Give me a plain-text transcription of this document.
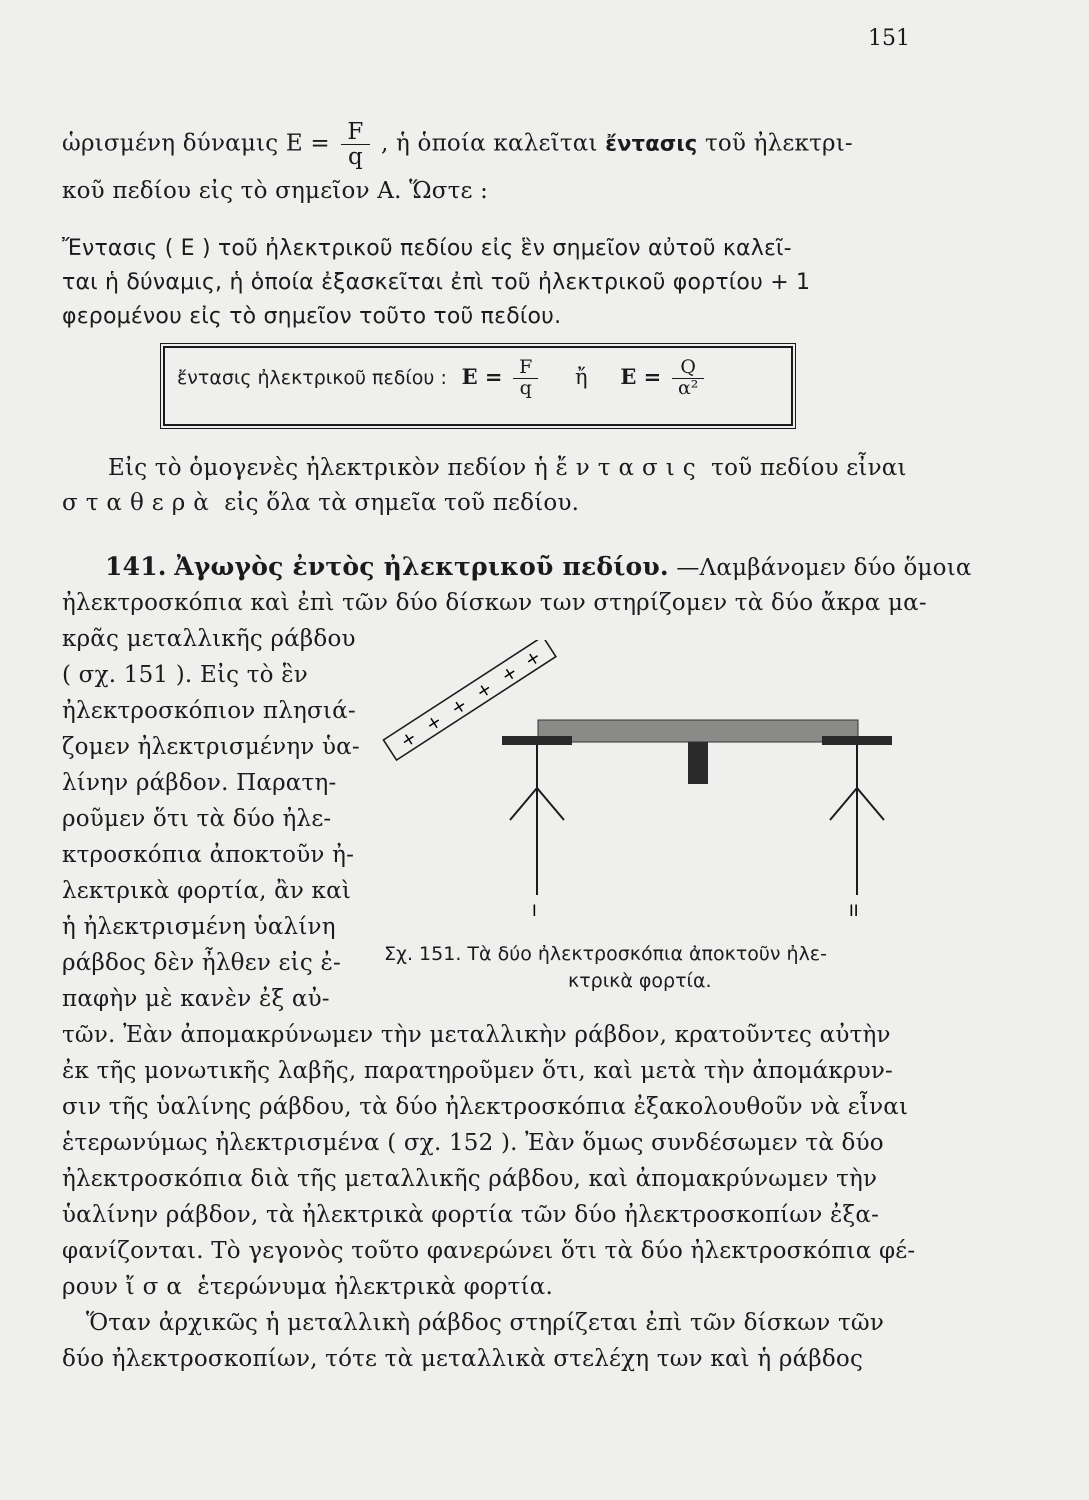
151
ὡρισμένη δύναμις $E = \frac{F}{q}$ , ἡ ὁποία καλεῖται ἔντασις τοῦ ἠλεκτρι-
κοῦ πεδίου εἰς τὸ σημεῖον A. Ὥστε :
Ἔντασις ( E ) τοῦ ἠλεκτρικοῦ πεδίου εἰς ἓν σημεῖον αὐτοῦ καλεῖ-
ται ἡ δύναμις, ἡ ὁποία ἐξασκεῖται ἐπὶ τοῦ ἠλεκτρικοῦ φορτίου + 1
φερομένου εἰς τὸ σημεῖον τοῦτο τοῦ πεδίου.
ἔντασις ἠλεκτρικοῦ πεδίου : $E = \frac{F}{q}$ ἤ $E = \frac{Q}{\text{α²}}$
Εἰς τὸ ὁμογενὲς ἠλεκτρικὸν πεδίον ἡ ἔντασις τοῦ πεδίου εἶναι
σταθερὰ εἰς ὅλα τὰ σημεῖα τοῦ πεδίου.
141. Ἀγωγὸς ἐντὸς ἠλεκτρικοῦ πεδίου. —Λαμβάνομεν δύο ὅμοια
ἠλεκτροσκόπια καὶ ἐπὶ τῶν δύο δίσκων των στηρίζομεν τὰ δύο ἄκρα μα-
κρᾶς μεταλλικῆς ράβδου
( σχ. 151 ). Εἰς τὸ ἓν
ἠλεκτροσκόπιον πλησιά-
ζομεν ἠλεκτρισμένην ὑα-
λίνην ράβδον. Παρατη-
ροῦμεν ὅτι τὰ δύο ἠλε-
κτροσκόπια ἀποκτοῦν ἠ-
λεκτρικὰ φορτία, ἂν καὶ
ἡ ἠλεκτρισμένη ὑαλίνη
ράβδος δὲν ἦλθεν εἰς ἐ-
παφὴν μὲ κανὲν ἐξ αὐ-
τῶν. Ἐὰν ἀπομακρύνωμεν τὴν μεταλλικὴν ράβδον, κρατοῦντες αὐτὴν
ἐκ τῆς μονωτικῆς λαβῆς, παρατηροῦμεν ὅτι, καὶ μετὰ τὴν ἀπομάκρυν-
σιν τῆς ὑαλίνης ράβδου, τὰ δύο ἠλεκτροσκόπια ἐξακολουθοῦν νὰ εἶναι
ἑτερωνύμως ἠλεκτρισμένα ( σχ. 152 ). Ἐὰν ὅμως συνδέσωμεν τὰ δύο
ἠλεκτροσκόπια διὰ τῆς μεταλλικῆς ράβδου, καὶ ἀπομακρύνωμεν τὴν
ὑαλίνην ράβδον, τὰ ἠλεκτρικὰ φορτία τῶν δύο ἠλεκτροσκοπίων ἐξα-
φανίζονται. Τὸ γεγονὸς τοῦτο φανερώνει ὅτι τὰ δύο ἠλεκτροσκόπια φέ-
ρουν ἴσα ἑτερώνυμα ἠλεκτρικὰ φορτία.
Ὅταν ἀρχικῶς ἡ μεταλλικὴ ράβδος στηρίζεται ἐπὶ τῶν δίσκων τῶν
δύο ἠλεκτροσκοπίων, τότε τὰ μεταλλικὰ στελέχη των καὶ ἡ ράβδος
+
+
+
+
+
+
I	II
Σχ. 151. Τὰ δύο ἠλεκτροσκόπια ἀποκτοῦν ἠλε-
κτρικὰ φορτία.
